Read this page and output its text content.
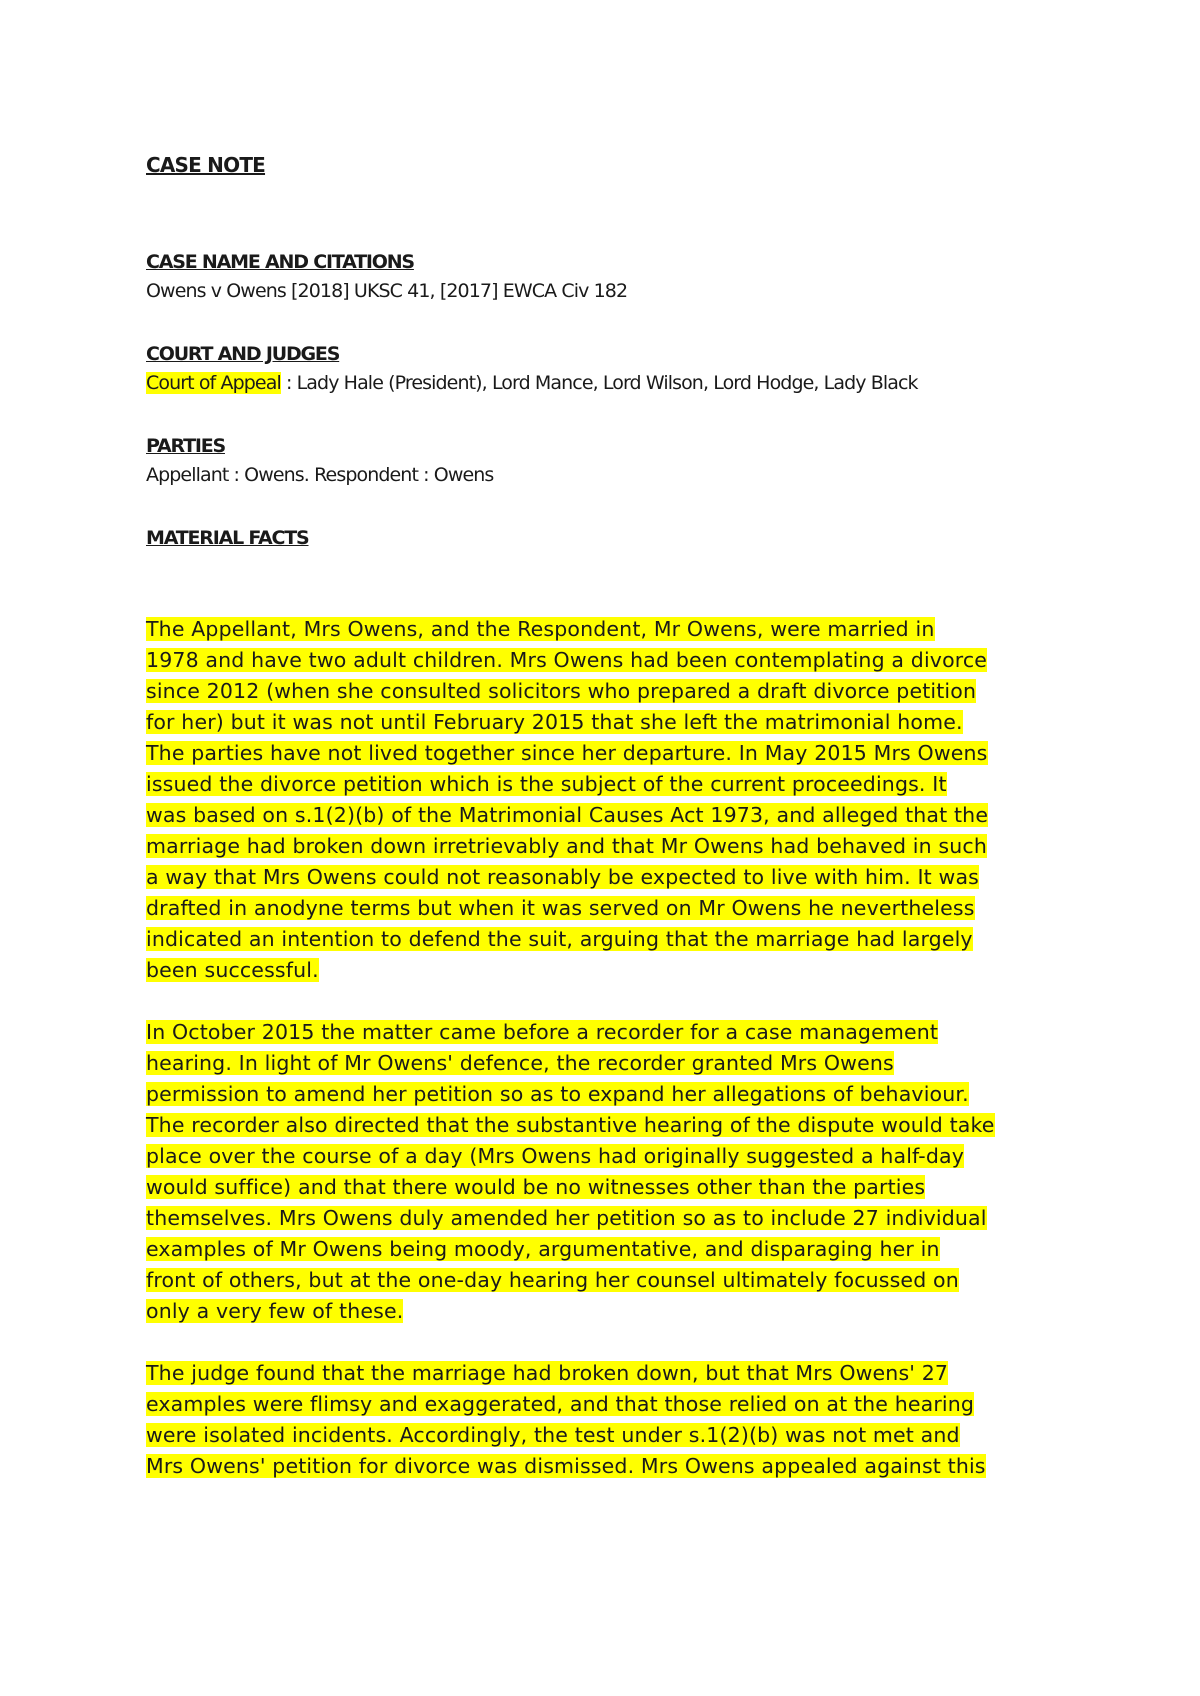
CASE NOTE

CASE NAME AND CITATIONS

Owens v Owens [2018] UKSC 41, [2017] EWCA Civ 182

COURT AND JUDGES

Court of Appeal : Lady Hale (President), Lord Mance, Lord Wilson, Lord Hodge, Lady Black

PARTIES

Appellant : Owens. Respondent : Owens

MATERIAL FACTS

The Appellant, Mrs Owens, and the Respondent, Mr Owens, were married in

1978 and have two adult children. Mrs Owens had been contemplating a divorce

since 2012 (when she consulted solicitors who prepared a draft divorce petition

for her) but it was not until February 2015 that she left the matrimonial home.

The parties have not lived together since her departure. In May 2015 Mrs Owens

issued the divorce petition which is the subject of the current proceedings. It

was based on s.1(2)(b) of the Matrimonial Causes Act 1973, and alleged that the

marriage had broken down irretrievably and that Mr Owens had behaved in such

a way that Mrs Owens could not reasonably be expected to live with him. It was

drafted in anodyne terms but when it was served on Mr Owens he nevertheless

indicated an intention to defend the suit, arguing that the marriage had largely

been successful.

In October 2015 the matter came before a recorder for a case management

hearing. In light of Mr Owens' defence, the recorder granted Mrs Owens

permission to amend her petition so as to expand her allegations of behaviour.

The recorder also directed that the substantive hearing of the dispute would take

place over the course of a day (Mrs Owens had originally suggested a half-day

would suffice) and that there would be no witnesses other than the parties

themselves. Mrs Owens duly amended her petition so as to include 27 individual

examples of Mr Owens being moody, argumentative, and disparaging her in

front of others, but at the one-day hearing her counsel ultimately focussed on

only a very few of these.

The judge found that the marriage had broken down, but that Mrs Owens' 27

examples were flimsy and exaggerated, and that those relied on at the hearing

were isolated incidents. Accordingly, the test under s.1(2)(b) was not met and

Mrs Owens' petition for divorce was dismissed. Mrs Owens appealed against this
